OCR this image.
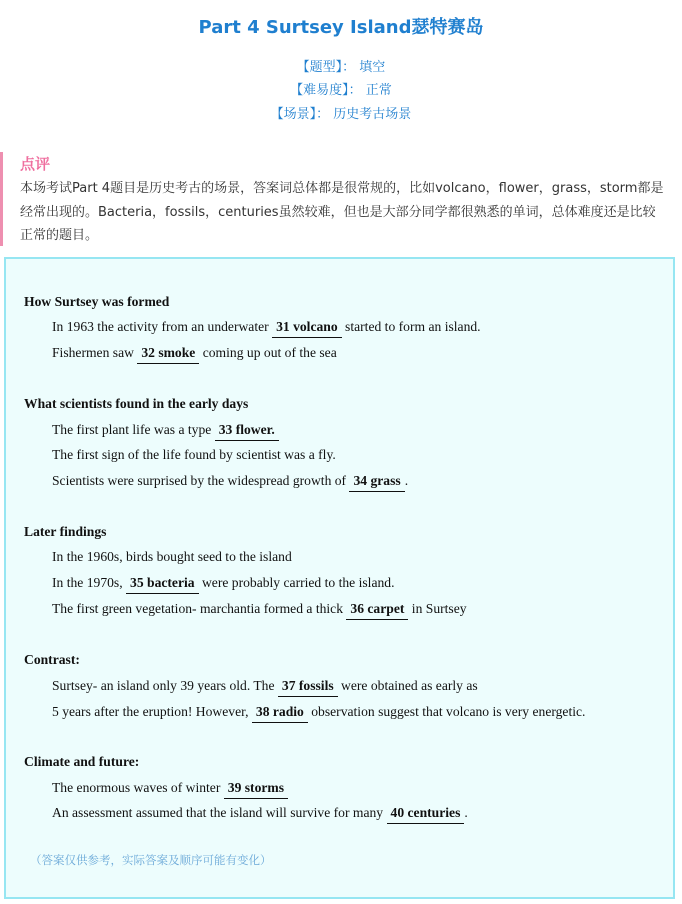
Part 4 Surtsey Island瑟特赛岛
【题型】： 填空
【难易度】： 正常
【场景】： 历史考古场景
点评
本场考试Part 4题目是历史考古的场景，答案词总体都是很常规的，比如volcano，flower，grass，storm都是经常出现的。Bacteria，fossils，centuries虽然较难，但也是大部分同学都很熟悉的单词，总体难度还是比较正常的题目。
How Surtsey was formed
In 1963 the activity from an underwater 31 volcano started to form an island.
Fishermen saw 32 smoke coming up out of the sea
What scientists found in the early days
The first plant life was a type 33 flower.
The first sign of the life found by scientist was a fly.
Scientists were surprised by the widespread growth of 34 grass .
Later findings
In the 1960s, birds bought seed to the island
In the 1970s, 35 bacteria were probably carried to the island.
The first green vegetation- marchantia formed a thick 36 carpet in Surtsey
Contrast:
Surtsey- an island only 39 years old. The 37 fossils were obtained as early as
5 years after the eruption! However, 38 radio observation suggest that volcano is very energetic.
Climate and future:
The enormous waves of winter 39 storms
An assessment assumed that the island will survive for many 40 centuries .
（答案仅供参考，实际答案及顺序可能有变化）
